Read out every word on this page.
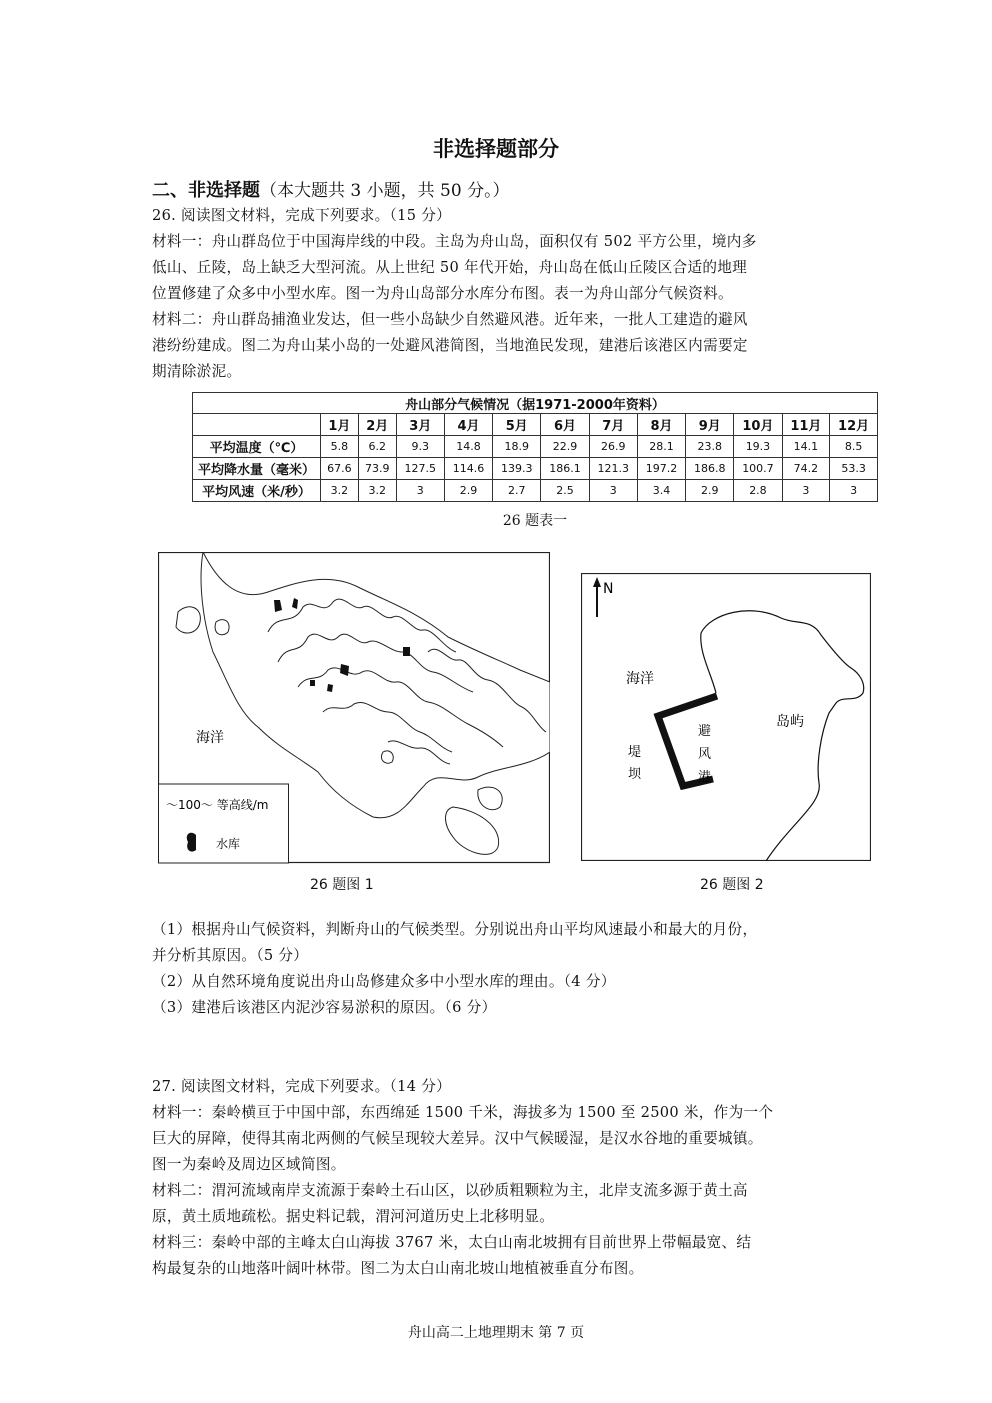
非选择题部分
二、非选择题（本大题共 3 小题，共 50 分。）
26. 阅读图文材料，完成下列要求。（15 分）
材料一：舟山群岛位于中国海岸线的中段。主岛为舟山岛，面积仅有 502 平方公里，境内多
低山、丘陵，岛上缺乏大型河流。从上世纪 50 年代开始，舟山岛在低山丘陵区合适的地理
位置修建了众多中小型水库。图一为舟山岛部分水库分布图。表一为舟山部分气候资料。
材料二：舟山群岛捕渔业发达，但一些小岛缺少自然避风港。近年来，一批人工建造的避风
港纷纷建成。图二为舟山某小岛的一处避风港简图，当地渔民发现，建港后该港区内需要定
期清除淤泥。
舟山部分气候情况（据1971-2000年资料）												
	1月	2月	3月	4月	5月	6月	7月	8月	9月	10月	11月	12月
平均温度（℃）	5.8	6.2	9.3	14.8	18.9	22.9	26.9	28.1	23.8	19.3	14.1	8.5
平均降水量（毫米）	67.6	73.9	127.5	114.6	139.3	186.1	121.3	197.2	186.8	100.7	74.2	53.3
平均风速（米/秒）	3.2	3.2	3	2.9	2.7	2.5	3	3.4	2.9	2.8	3	3
26 题表一
海洋
～100～ 等高线/m
水库
26 题图 1
N
海洋
岛屿
堤
坝
避
风
港
26 题图 2
（1）根据舟山气候资料，判断舟山的气候类型。分别说出舟山平均风速最小和最大的月份，
并分析其原因。（5 分）
（2）从自然环境角度说出舟山岛修建众多中小型水库的理由。（4 分）
（3）建港后该港区内泥沙容易淤积的原因。（6 分）
27. 阅读图文材料，完成下列要求。（14 分）
材料一：秦岭横亘于中国中部，东西绵延 1500 千米，海拔多为 1500 至 2500 米，作为一个
巨大的屏障，使得其南北两侧的气候呈现较大差异。汉中气候暖湿，是汉水谷地的重要城镇。
图一为秦岭及周边区域简图。
材料二：渭河流域南岸支流源于秦岭土石山区，以砂质粗颗粒为主，北岸支流多源于黄土高
原，黄土质地疏松。据史料记载，渭河河道历史上北移明显。
材料三：秦岭中部的主峰太白山海拔 3767 米，太白山南北坡拥有目前世界上带幅最宽、结
构最复杂的山地落叶阔叶林带。图二为太白山南北坡山地植被垂直分布图。
舟山高二上地理期末 第 7 页
